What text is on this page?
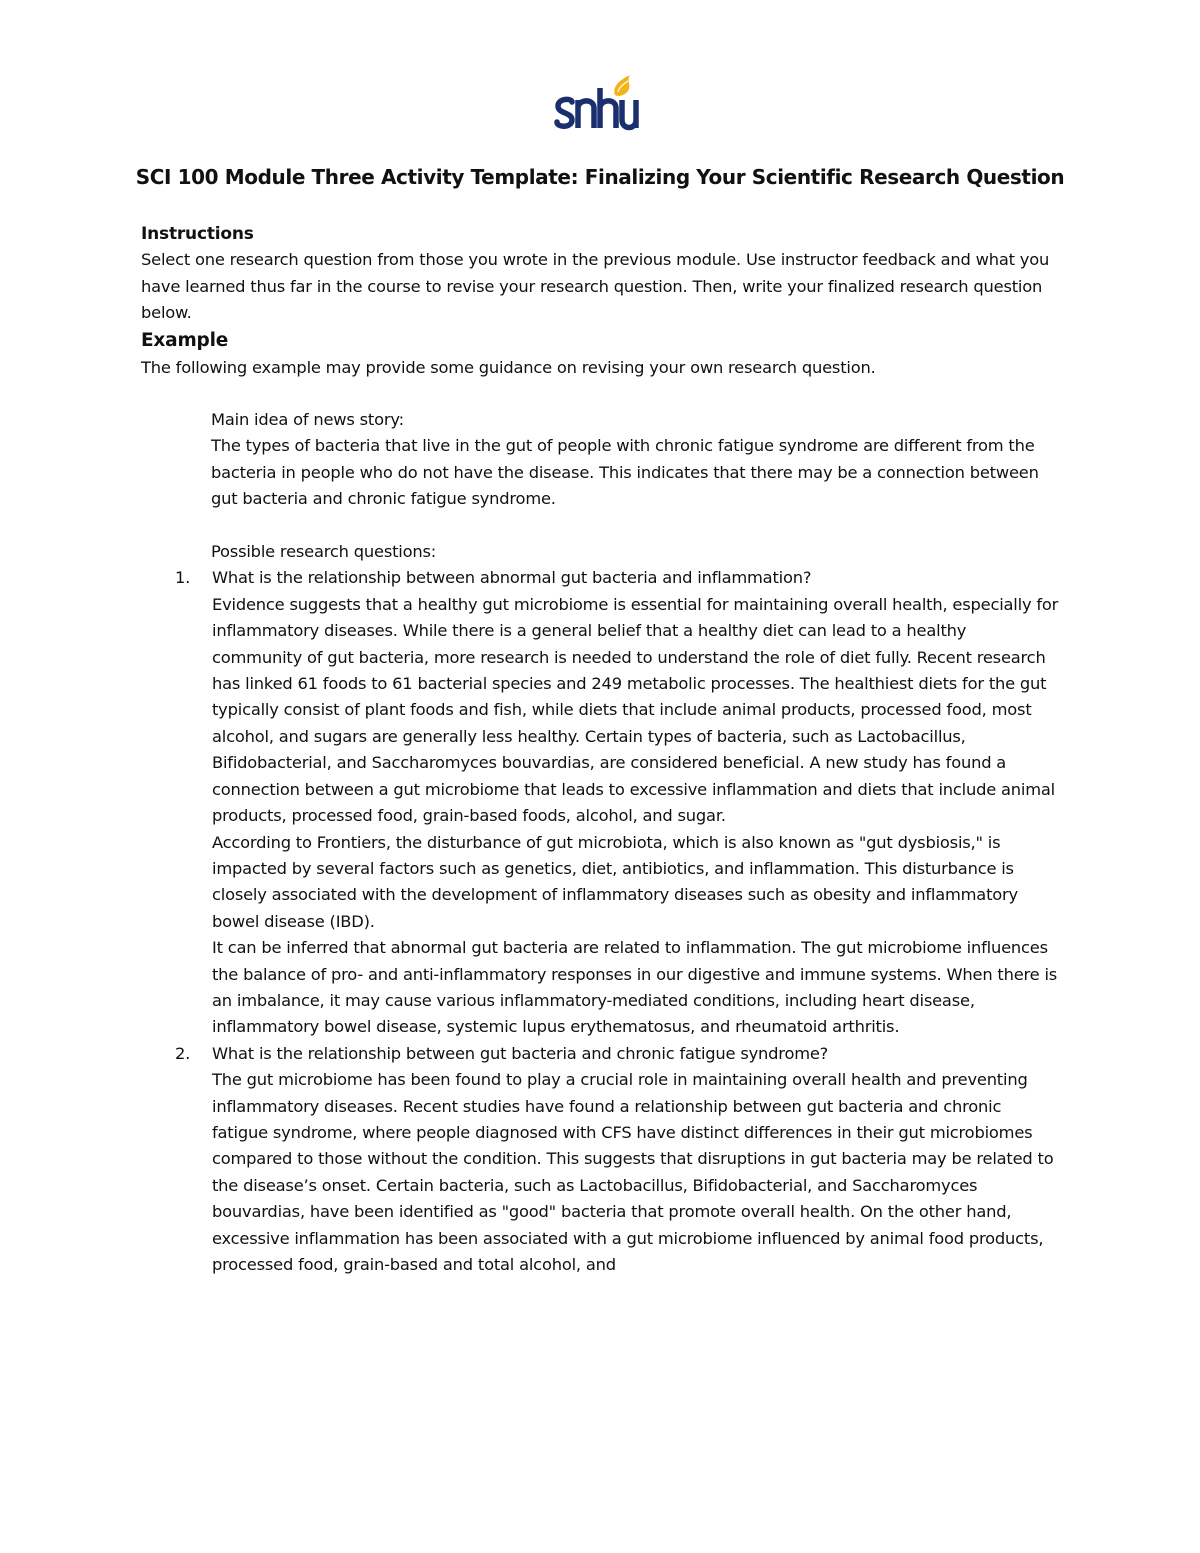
SCI 100 Module Three Activity Template: Finalizing Your Scientific Research Question

Instructions

Select one research question from those you wrote in the previous module. Use instructor feedback and what you have learned thus far in the course to revise your research question. Then, write your finalized research question below.

Example

The following example may provide some guidance on revising your own research question.

Main idea of news story:

The types of bacteria that live in the gut of people with chronic fatigue syndrome are different from the bacteria in people who do not have the disease. This indicates that there may be a connection between gut bacteria and chronic fatigue syndrome.

Possible research questions:

1. What is the relationship between abnormal gut bacteria and inflammation?

Evidence suggests that a healthy gut microbiome is essential for maintaining overall health, especially for inflammatory diseases. While there is a general belief that a healthy diet can lead to a healthy community of gut bacteria, more research is needed to understand the role of diet fully. Recent research has linked 61 foods to 61 bacterial species and 249 metabolic processes. The healthiest diets for the gut typically consist of plant foods and fish, while diets that include animal products, processed food, most alcohol, and sugars are generally less healthy. Certain types of bacteria, such as Lactobacillus, Bifidobacterial, and Saccharomyces bouvardias, are considered beneficial. A new study has found a connection between a gut microbiome that leads to excessive inflammation and diets that include animal products, processed food, grain-based foods, alcohol, and sugar.

According to Frontiers, the disturbance of gut microbiota, which is also known as "gut dysbiosis," is impacted by several factors such as genetics, diet, antibiotics, and inflammation. This disturbance is closely associated with the development of inflammatory diseases such as obesity and inflammatory bowel disease (IBD).

It can be inferred that abnormal gut bacteria are related to inflammation. The gut microbiome influences the balance of pro- and anti-inflammatory responses in our digestive and immune systems. When there is an imbalance, it may cause various inflammatory-mediated conditions, including heart disease, inflammatory bowel disease, systemic lupus erythematosus, and rheumatoid arthritis.

2. What is the relationship between gut bacteria and chronic fatigue syndrome?

The gut microbiome has been found to play a crucial role in maintaining overall health and preventing inflammatory diseases. Recent studies have found a relationship between gut bacteria and chronic fatigue syndrome, where people diagnosed with CFS have distinct differences in their gut microbiomes compared to those without the condition. This suggests that disruptions in gut bacteria may be related to the disease’s onset. Certain bacteria, such as Lactobacillus, Bifidobacterial, and Saccharomyces bouvardias, have been identified as "good" bacteria that promote overall health. On the other hand, excessive inflammation has been associated with a gut microbiome influenced by animal food products, processed food, grain-based and total alcohol, and
